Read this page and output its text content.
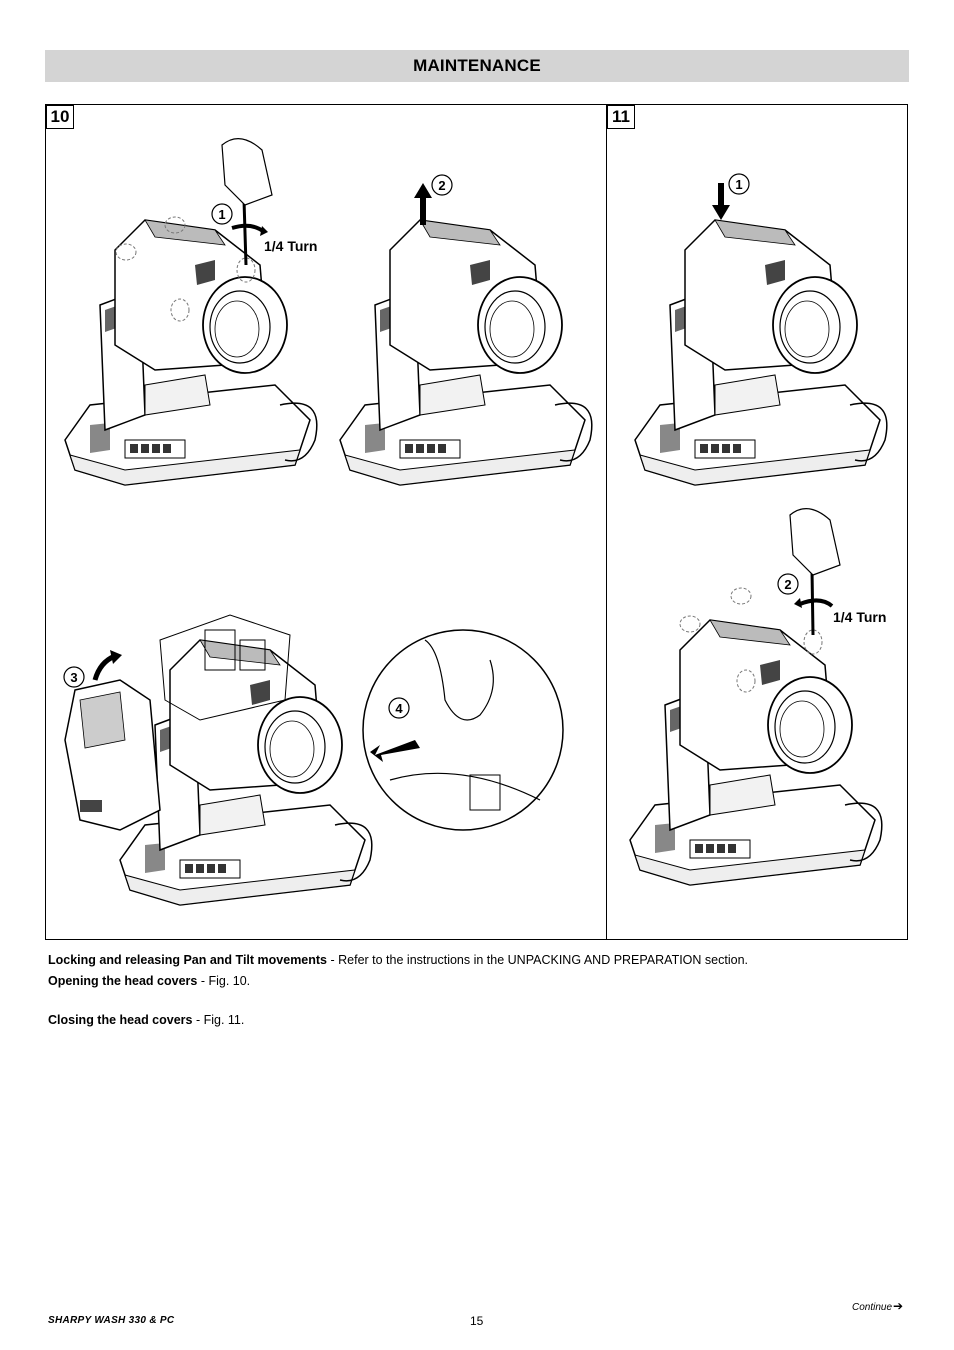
MAINTENANCE
10	11
1
2
3
4
1
2
1/4 Turn
1/4 Turn
Locking and releasing Pan and Tilt movements - Refer to the instructions in the UNPACKING AND PREPARATION section.
Opening the head covers - Fig. 10.
Closing the head covers - Fig. 11.
SHARPY WASH 330 & PC	15
Continue ➔
